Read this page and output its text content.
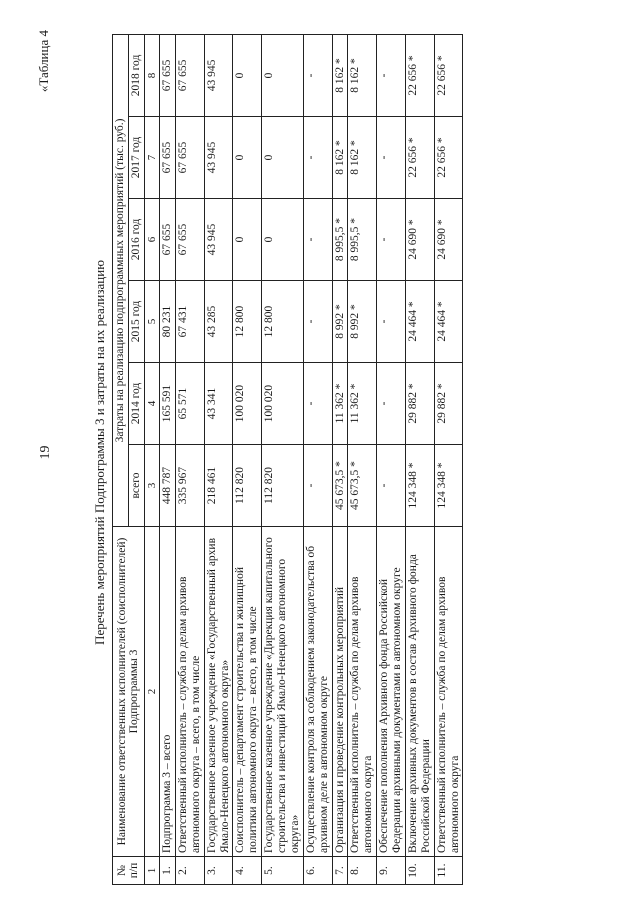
19
«Таблица 4
Перечень мероприятий Подпрограммы 3 и затраты на их реализацию
№ п/п	Наименование ответственных исполнителей (соисполнителей) Подпрограммы 3	Затраты на реализацию подпрограммных мероприятий (тыс. руб.)					
		всего	2014 год	2015 год	2016 год	2017 год	2018 год
1	2	3	4	5	6	7	8
1.	Подпрограмма 3 – всего	448 787	165 591	80 231	67 655	67 655	67 655
2.	Ответственный исполнитель – служба по делам архивов автономного округа – всего, в том числе	335 967	65 571	67 431	67 655	67 655	67 655
3.	Государственное казенное учреждение «Государственный архив Ямало-Ненецкого автономного округа»	218 461	43 341	43 285	43 945	43 945	43 945
4.	Соисполнитель – департамент строительства и жилищной политики автономного округа – всего, в том числе	112 820	100 020	12 800	0	0	0
5.	Государственное казенное учреждение «Дирекция капитального строительства и инвестиций Ямало-Ненецкого автономного округа»	112 820	100 020	12 800	0	0	0
6.	Осуществление контроля за соблюдением законодательства об архивном деле в автономном округе	-	-	-	-	-	-
7.	Организация и проведение контрольных мероприятий	45 673,5 *	11 362 *	8 992 *	8 995,5 *	8 162 *	8 162 *
8.	Ответственный исполнитель – служба по делам архивов автономного округа	45 673,5 *	11 362 *	8 992 *	8 995,5 *	8 162 *	8 162 *
9.	Обеспечение пополнения Архивного фонда Российской Федерации архивными документами в автономном округе	-	-	-	-	-	-
10.	Включение архивных документов в состав Архивного фонда Российской Федерации	124 348 *	29 882 *	24 464 *	24 690 *	22 656 *	22 656 *
11.	Ответственный исполнитель – служба по делам архивов автономного округа	124 348 *	29 882 *	24 464 *	24 690 *	22 656 *	22 656 *
